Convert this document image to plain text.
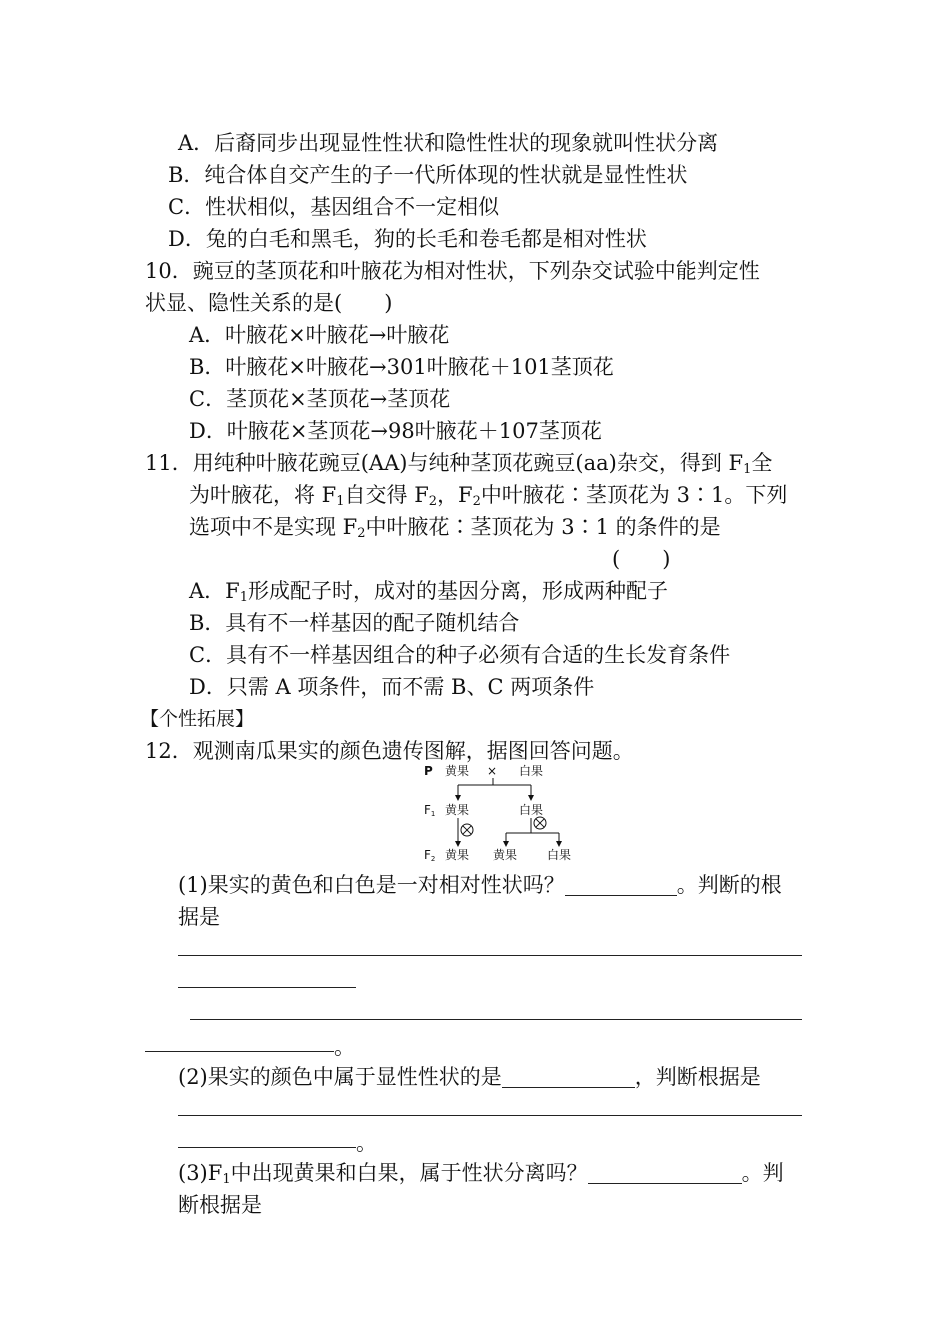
A．后裔同步出现显性性状和隐性性状的现象就叫性状分离
B．纯合体自交产生的子一代所体现的性状就是显性性状
C．性状相似，基因组合不一定相似
D．兔的白毛和黑毛，狗的长毛和卷毛都是相对性状
10．豌豆的茎顶花和叶腋花为相对性状，下列杂交试验中能判定性
状显、隐性关系的是(　　)
A．叶腋花×叶腋花→叶腋花
B．叶腋花×叶腋花→301叶腋花＋101茎顶花
C．茎顶花×茎顶花→茎顶花
D．叶腋花×茎顶花→98叶腋花＋107茎顶花
11．用纯种叶腋花豌豆(AA)与纯种茎顶花豌豆(aa)杂交，得到 $F_1$全
为叶腋花，将 $F_1$自交得 $F_2$，$F_2$中叶腋花∶茎顶花为 3∶1。下列
选项中不是实现 $F_2$中叶腋花∶茎顶花为 3∶1 的条件的是
(　　)
A．$F_1$形成配子时，成对的基因分离，形成两种配子
B．具有不一样基因的配子随机结合
C．具有不一样基因组合的种子必须有合适的生长发育条件
D．只需 A 项条件，而不需 B、C 两项条件
【个性拓展】
12．观测南瓜果实的颜色遗传图解，据图回答问题。
P 黄果 × 白果
F1 黄果	白果
F2 黄果 黄果 白果
(1)果实的黄色和白色是一对相对性状吗？	。判断的根
据是
。
(2)果实的颜色中属于显性性状的是	，判断根据是
。
$(3)F_1$中出现黄果和白果，属于性状分离吗？	。判
断根据是
